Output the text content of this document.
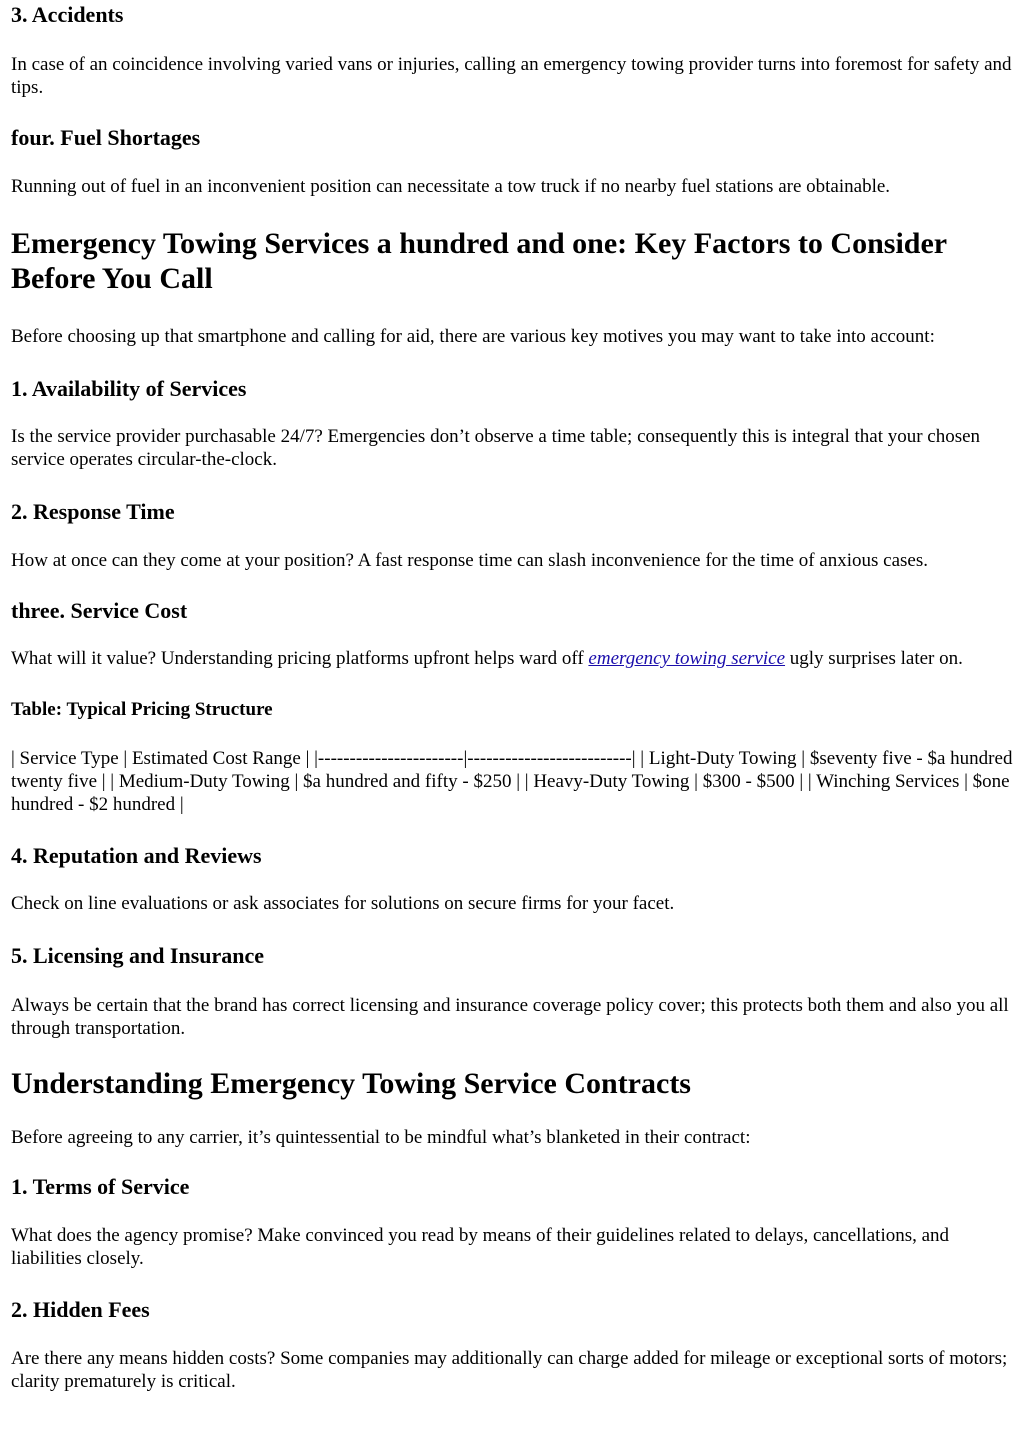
3. Accidents

In case of an coincidence involving varied vans or injuries, calling an emergency towing provider turns into foremost for safety and tips.

four. Fuel Shortages

Running out of fuel in an inconvenient position can necessitate a tow truck if no nearby fuel stations are obtainable.

Emergency Towing Services a hundred and one: Key Factors to Consider Before You Call

Before choosing up that smartphone and calling for aid, there are various key motives you may want to take into account:

1. Availability of Services

Is the service provider purchasable 24/7? Emergencies don’t observe a time table; consequently this is integral that your chosen service operates circular-the-clock.

2. Response Time

How at once can they come at your position? A fast response time can slash inconvenience for the time of anxious cases.

three. Service Cost

What will it value? Understanding pricing platforms upfront helps ward off emergency towing service ugly surprises later on.

Table: Typical Pricing Structure

| Service Type | Estimated Cost Range | |-----------------------|--------------------------| | Light-Duty Towing | $seventy five - $a hundred twenty five | | Medium-Duty Towing | $a hundred and fifty - $250 | | Heavy-Duty Towing | $300 - $500 | | Winching Services | $one hundred - $2 hundred |

4. Reputation and Reviews

Check on line evaluations or ask associates for solutions on secure firms for your facet.

5. Licensing and Insurance

Always be certain that the brand has correct licensing and insurance coverage policy cover; this protects both them and also you all through transportation.

Understanding Emergency Towing Service Contracts

Before agreeing to any carrier, it’s quintessential to be mindful what’s blanketed in their contract:

1. Terms of Service

What does the agency promise? Make convinced you read by means of their guidelines related to delays, cancellations, and liabilities closely.

2. Hidden Fees

Are there any means hidden costs? Some companies may additionally can charge added for mileage or exceptional sorts of motors; clarity prematurely is critical.
